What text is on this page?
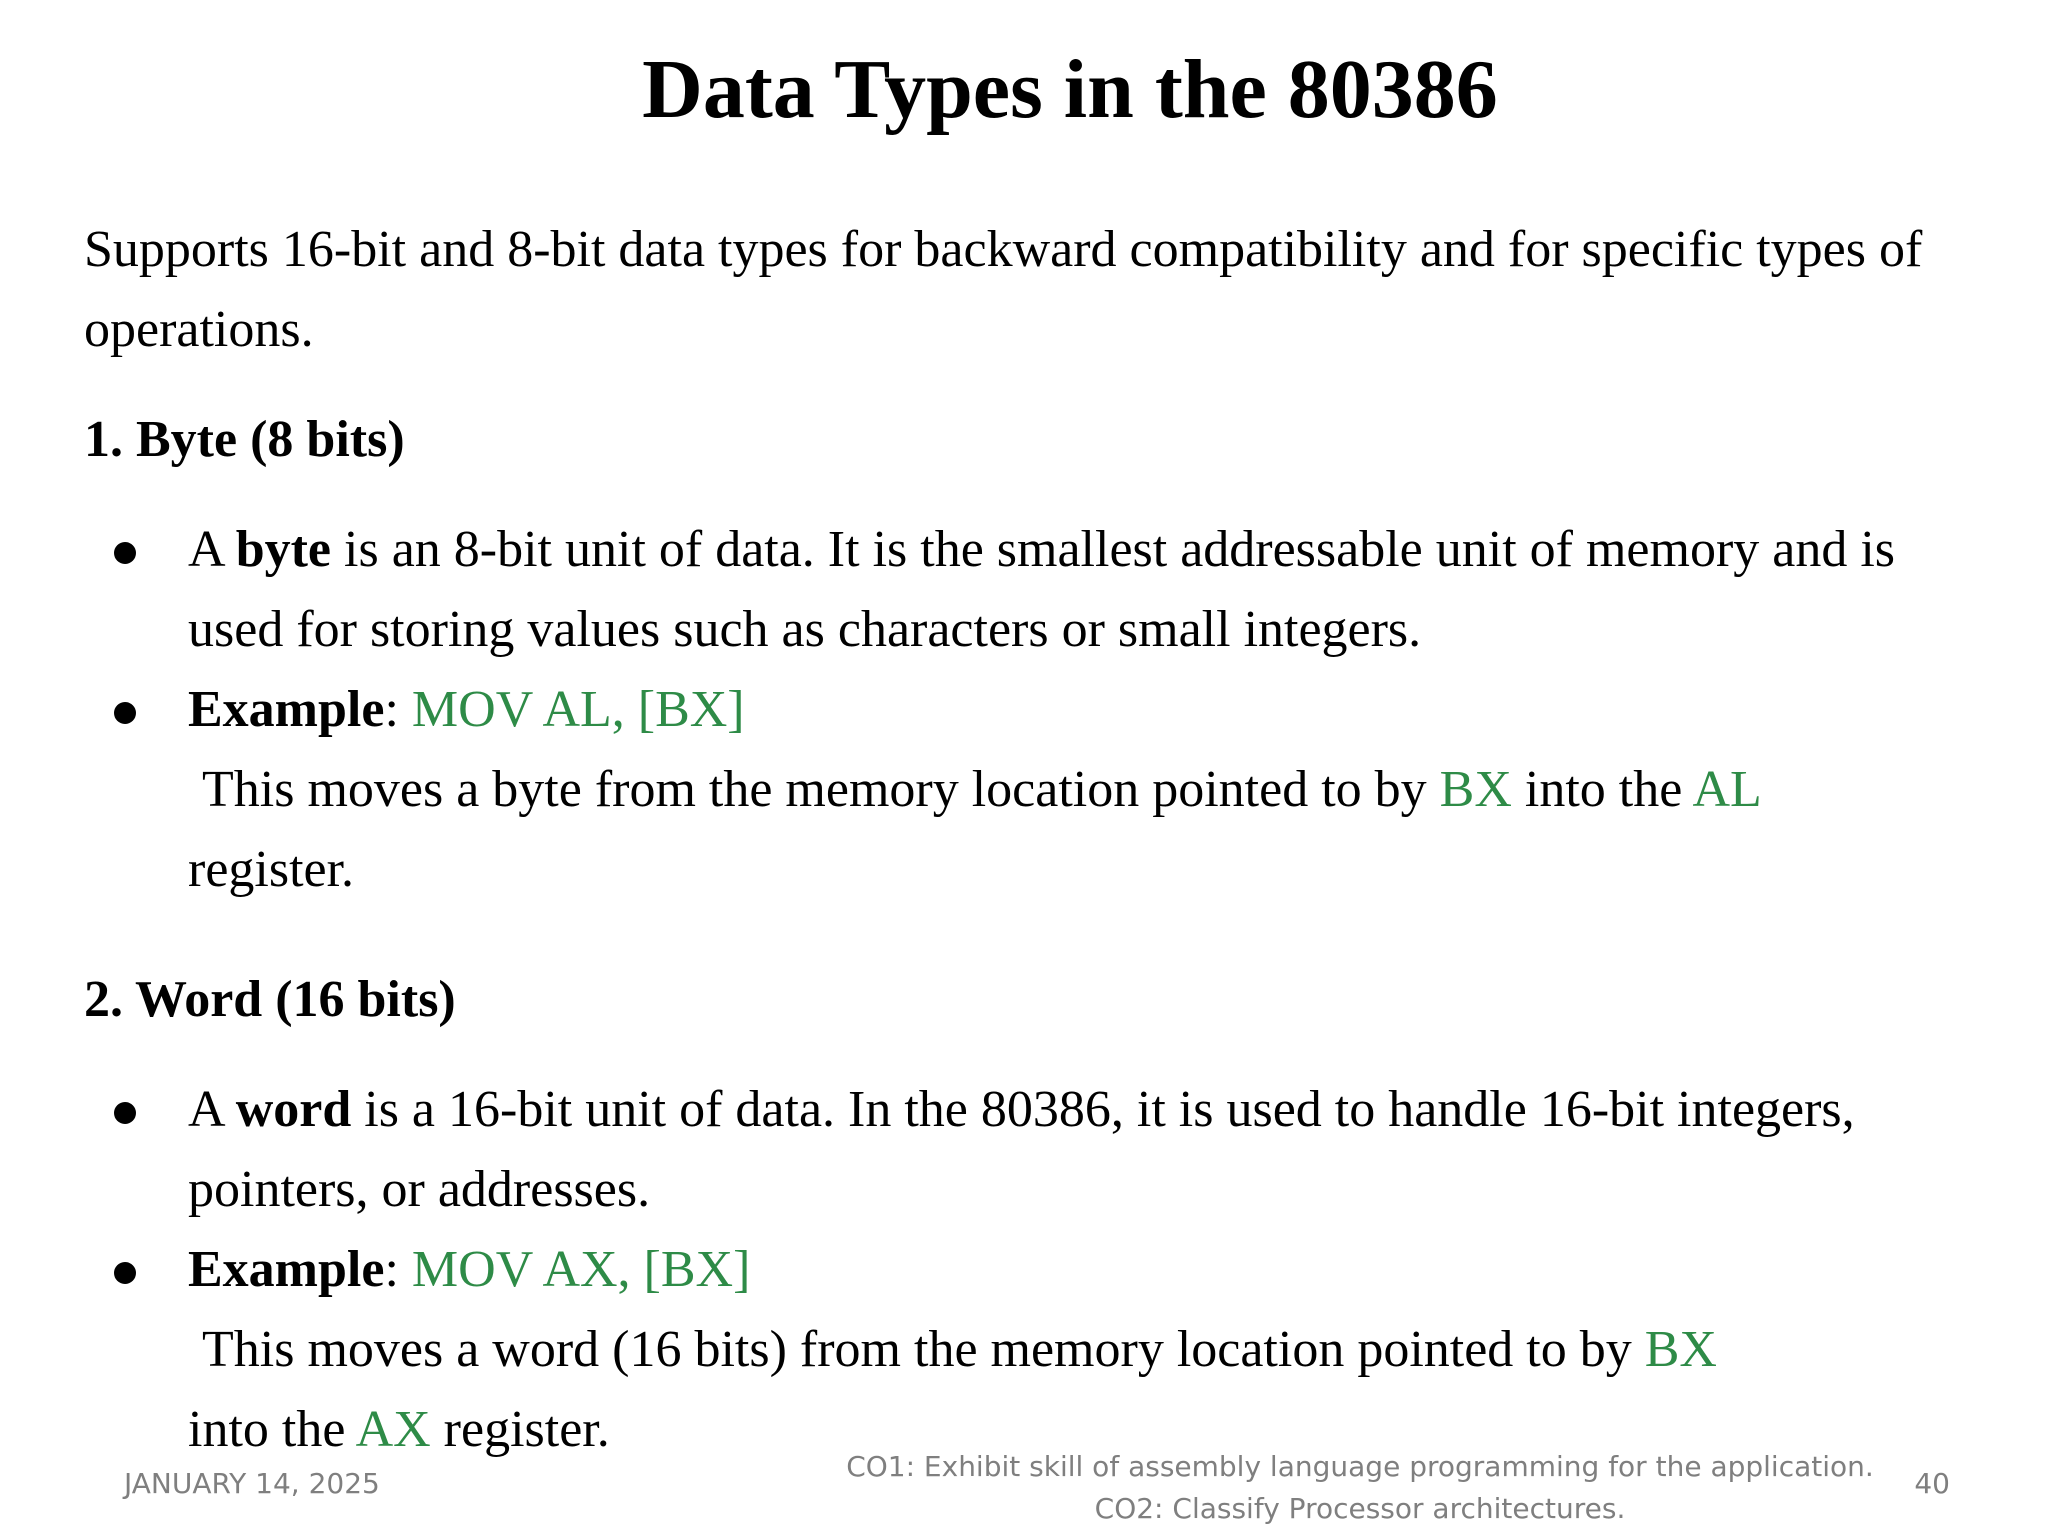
Data Types in the 80386

Supports 16-bit and 8-bit data types for backward compatibility and for specific types of operations.

1. Byte (8 bits)
A byte is an 8-bit unit of data. It is the smallest addressable unit of memory and is used for storing values such as characters or small integers.
Example: MOV AL, [BX]
This moves a byte from the memory location pointed to by BX into the AL
register.
2. Word (16 bits)
A word is a 16-bit unit of data. In the 80386, it is used to handle 16-bit integers, pointers, or addresses.
Example: MOV AX, [BX]
This moves a word (16 bits) from the memory location pointed to by BX
into the AX register.
JANUARY 14, 2025
CO1: Exhibit skill of assembly language programming for the application.
CO2: Classify Processor architectures.
40
